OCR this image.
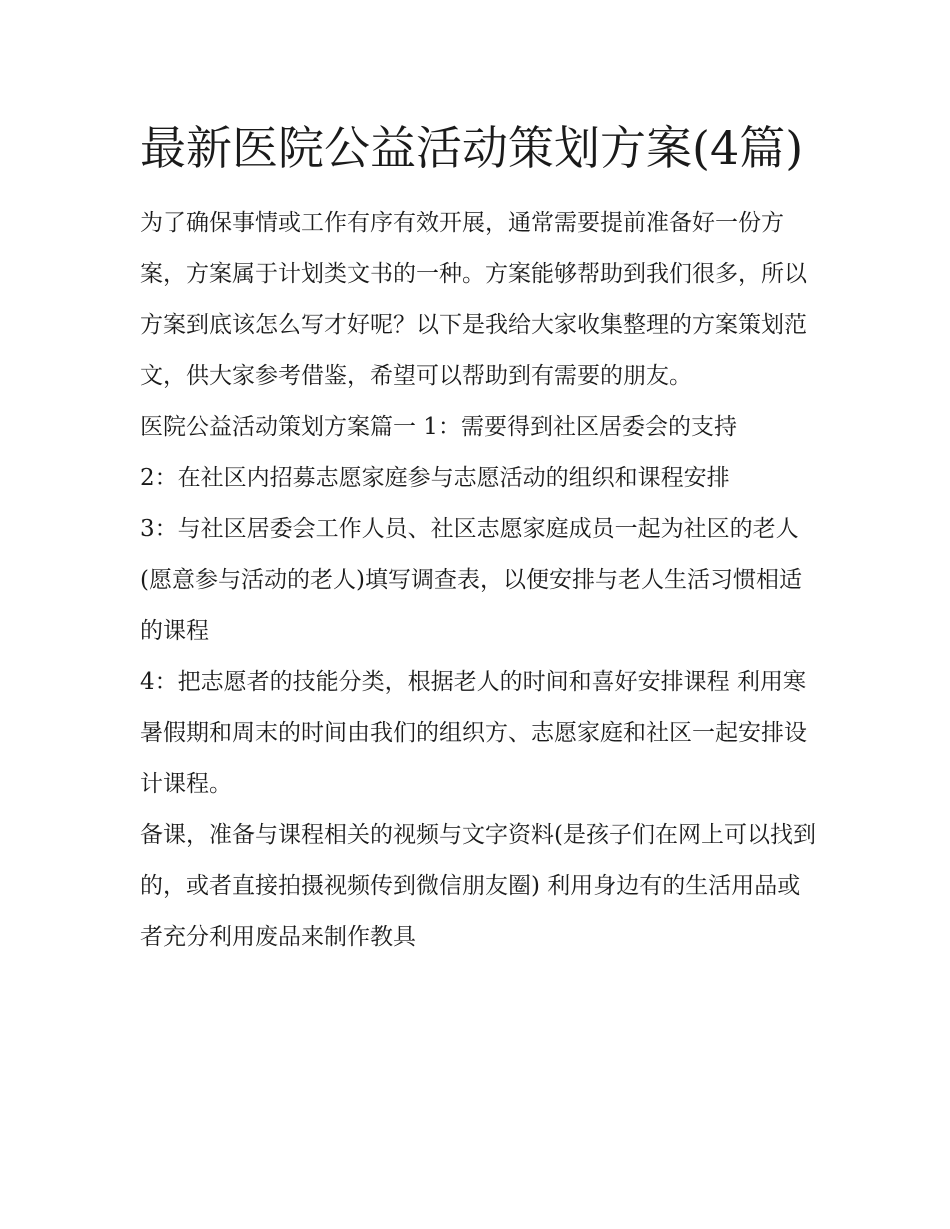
最新医院公益活动策划方案(4篇)

为了确保事情或工作有序有效开展，通常需要提前准备好一份方案，方案属于计划类文书的一种。方案能够帮助到我们很多，所以方案到底该怎么写才好呢？以下是我给大家收集整理的方案策划范文，供大家参考借鉴，希望可以帮助到有需要的朋友。

医院公益活动策划方案篇一 1：需要得到社区居委会的支持

2：在社区内招募志愿家庭参与志愿活动的组织和课程安排

3：与社区居委会工作人员、社区志愿家庭成员一起为社区的老人(愿意参与活动的老人)填写调查表，以便安排与老人生活习惯相适的课程

4：把志愿者的技能分类，根据老人的时间和喜好安排课程 利用寒暑假期和周末的时间由我们的组织方、志愿家庭和社区一起安排设计课程。

备课，准备与课程相关的视频与文字资料(是孩子们在网上可以找到的，或者直接拍摄视频传到微信朋友圈) 利用身边有的生活用品或者充分利用废品来制作教具
